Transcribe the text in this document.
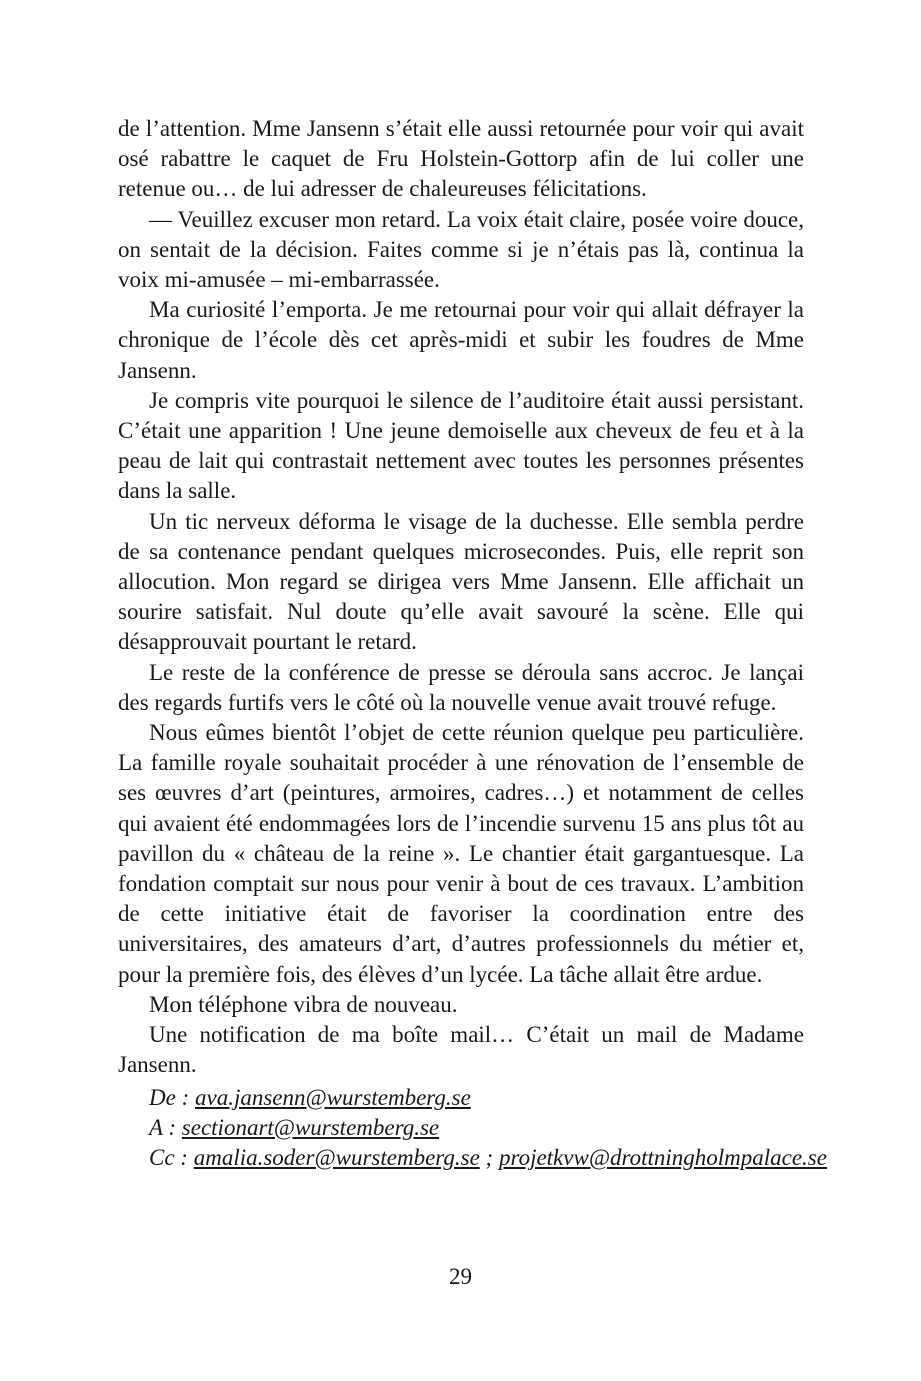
de l’attention. Mme Jansenn s’était elle aussi retournée pour voir qui avait osé rabattre le caquet de Fru Holstein-Gottorp afin de lui coller une retenue ou… de lui adresser de chaleureuses félicitations.

— Veuillez excuser mon retard. La voix était claire, posée voire douce, on sentait de la décision. Faites comme si je n’étais pas là, continua la voix mi-amusée – mi-embarrassée.

Ma curiosité l’emporta. Je me retournai pour voir qui allait défrayer la chronique de l’école dès cet après-midi et subir les foudres de Mme Jansenn.

Je compris vite pourquoi le silence de l’auditoire était aussi persistant. C’était une apparition ! Une jeune demoiselle aux cheveux de feu et à la peau de lait qui contrastait nettement avec toutes les personnes présentes dans la salle.

Un tic nerveux déforma le visage de la duchesse. Elle sembla perdre de sa contenance pendant quelques microsecondes. Puis, elle reprit son allocution. Mon regard se dirigea vers Mme Jansenn. Elle affichait un sourire satisfait. Nul doute qu’elle avait savouré la scène. Elle qui désapprouvait pourtant le retard.

Le reste de la conférence de presse se déroula sans accroc. Je lançai des regards furtifs vers le côté où la nouvelle venue avait trouvé refuge.

Nous eûmes bientôt l’objet de cette réunion quelque peu particulière. La famille royale souhaitait procéder à une rénovation de l’ensemble de ses œuvres d’art (peintures, armoires, cadres…) et notamment de celles qui avaient été endommagées lors de l’incendie survenu 15 ans plus tôt au pavillon du « château de la reine ». Le chantier était gargantuesque. La fondation comptait sur nous pour venir à bout de ces travaux. L’ambition de cette initiative était de favoriser la coordination entre des universitaires, des amateurs d’art, d’autres professionnels du métier et, pour la première fois, des élèves d’un lycée. La tâche allait être ardue.

Mon téléphone vibra de nouveau.

Une notification de ma boîte mail… C’était un mail de Madame Jansenn.

De : ava.jansenn@wurstemberg.se
A : sectionart@wurstemberg.se
Cc : amalia.soder@wurstemberg.se ; projetkvw@drottningholmpalace.se
29
